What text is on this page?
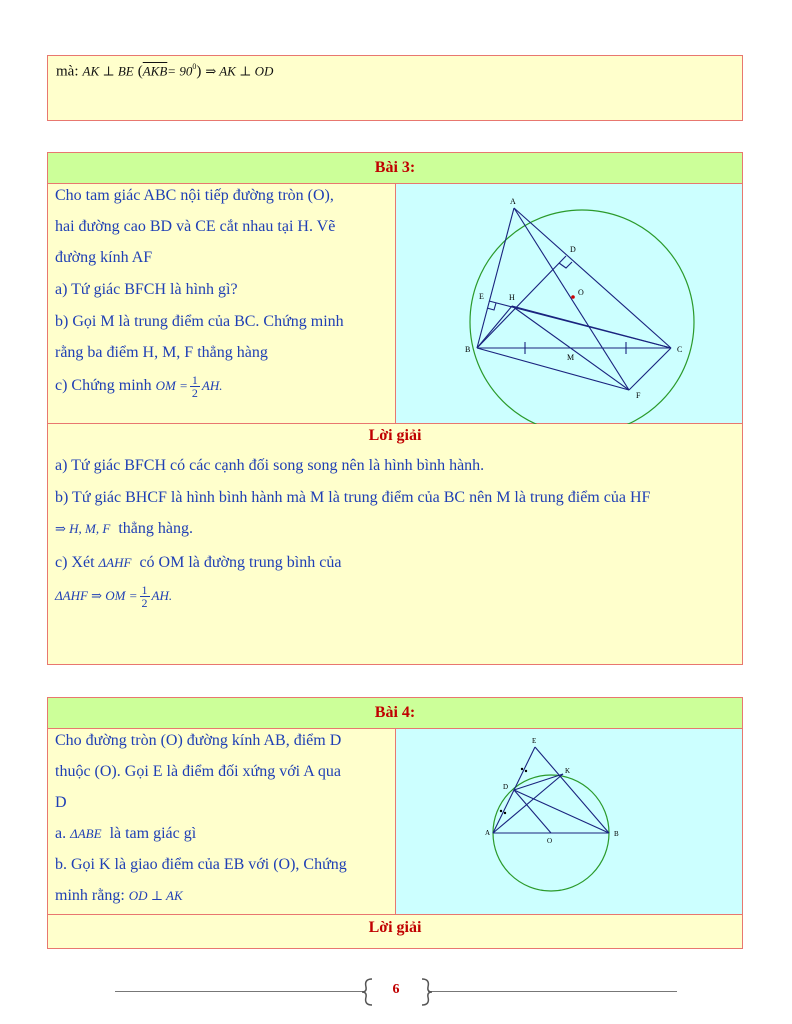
mà: AK ⊥ BE $(\overline{AKB}= 90^0)$ ⇒ AK ⊥ OD
Bài 3:
Cho tam giác ABC nội tiếp đường tròn (O),
hai đường cao BD và CE cắt nhau tại H. Vẽ
đường kính AF
a) Tứ giác BFCH là hình gì?
b) Gọi M là trung điểm của BC. Chứng minh
rằng ba điểm H, M, F thẳng hàng
c) Chứng minh OM = $\frac{1}{2}$ AH.
A
B	C
D
E	H
O
M
F
Lời giải
a) Tứ giác BFCH có các cạnh đối song song nên là hình bình hành.
b) Tứ giác BHCF là hình bình hành mà M là trung điểm của BC nên M là trung điểm của HF
⇒ H, M, F thẳng hàng.
c) Xét ΔAHF có OM là đường trung bình của
ΔAHF ⇒ OM = $\frac{1}{2}$ AH.
Bài 4:
Cho đường tròn (O) đường kính AB, điểm D
thuộc (O). Gọi E là điểm đối xứng với A qua
D
a. ΔABE là tam giác gì
b. Gọi K là giao điểm của EB với (O), Chứng
minh rằng: OD ⊥ AK
E
K
D
A
O
B
Lời giải
6
